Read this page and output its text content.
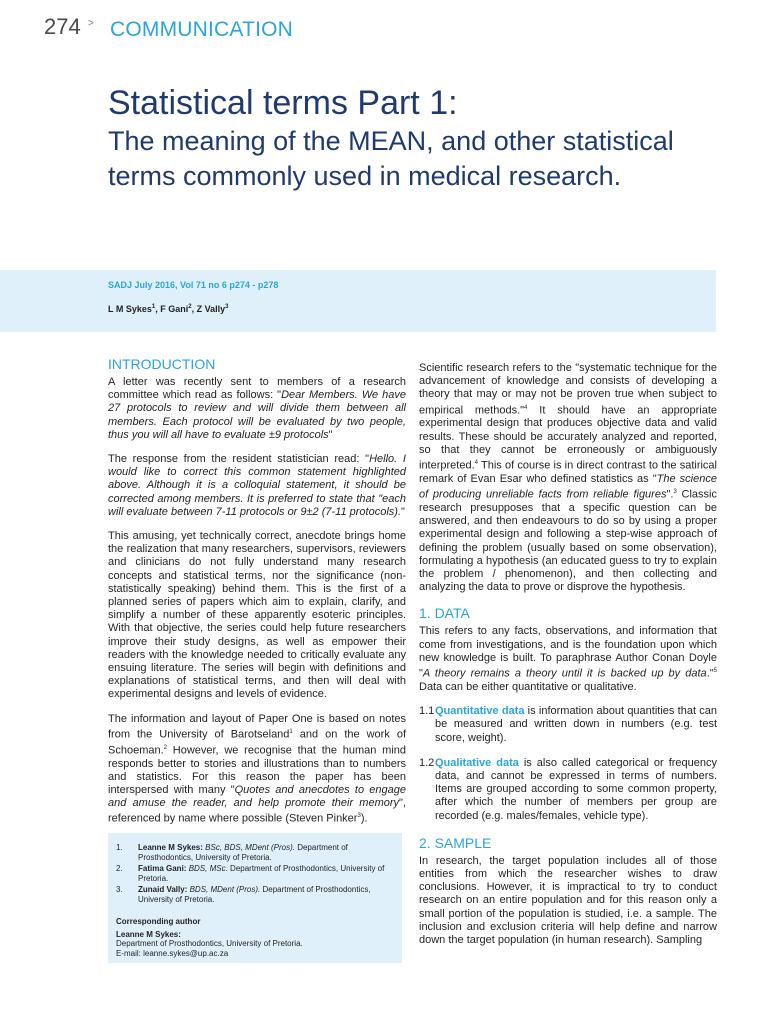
274 > COMMUNICATION
Statistical terms Part 1:
The meaning of the MEAN, and other statistical terms commonly used in medical research.
SADJ July 2016, Vol 71 no 6 p274 - p278
L M Sykes$^1$, F Gani$^2$, Z Vally$^3$
INTRODUCTION

A letter was recently sent to members of a research committee which read as follows: "Dear Members. We have 27 protocols to review and will divide them between all members. Each protocol will be evaluated by two people, thus you will all have to evaluate ±9 protocols"

The response from the resident statistician read: "Hello. I would like to correct this common statement highlighted above. Although it is a colloquial statement, it should be corrected among members. It is preferred to state that "each will evaluate between 7-11 protocols or 9±2 (7-11 protocols)."

This amusing, yet technically correct, anecdote brings home the realization that many researchers, supervisors, reviewers and clinicians do not fully understand many research concepts and statistical terms, nor the significance (non-statistically speaking) behind them. This is the first of a planned series of papers which aim to explain, clarify, and simplify a number of these apparently esoteric principles. With that objective, the series could help future researchers improve their study designs, as well as empower their readers with the knowledge needed to critically evaluate any ensuing literature. The series will begin with definitions and explanations of statistical terms, and then will deal with experimental designs and levels of evidence.

The information and layout of Paper One is based on notes from the University of Barotseland$^1$ and on the work of Schoeman.$^2$ However, we recognise that the human mind responds better to stories and illustrations than to numbers and statistics. For this reason the paper has been interspersed with many "Quotes and anecdotes to engage and amuse the reader, and help promote their memory", referenced by name where possible (Steven Pinker$^3$).

1.	Leanne M Sykes: BSc, BDS, MDent (Pros). Department of Prosthodontics, University of Pretoria.
2.	Fatima Gani: BDS, MSc. Department of Prosthodontics, University of Pretoria.
3.	Zunaid Vally: BDS, MDent (Pros). Department of Prosthodontics, University of Pretoria.
Corresponding author
Leanne M Sykes:
Department of Prosthodontics, University of Pretoria.
E-mail: leanne.sykes@up.ac.za

Scientific research refers to the "systematic technique for the advancement of knowledge and consists of developing a theory that may or may not be proven true when subject to empirical methods."$^4$ It should have an appropriate experimental design that produces objective data and valid results. These should be accurately analyzed and reported, so that they cannot be erroneously or ambiguously interpreted.$^4$ This of course is in direct contrast to the satirical remark of Evan Esar who defined statistics as "The science of producing unreliable facts from reliable figures".$^3$ Classic research presupposes that a specific question can be answered, and then endeavours to do so by using a proper experimental design and following a step-wise approach of defining the problem (usually based on some observation), formulating a hypothesis (an educated guess to try to explain the problem / phenomenon), and then collecting and analyzing the data to prove or disprove the hypothesis.

1. DATA

This refers to any facts, observations, and information that come from investigations, and is the foundation upon which new knowledge is built. To paraphrase Author Conan Doyle "A theory remains a theory until it is backed up by data."$^5$ Data can be either quantitative or qualitative.

1.1 Quantitative data is information about quantities that can be measured and written down in numbers (e.g. test score, weight).
1.2 Qualitative data is also called categorical or frequency data, and cannot be expressed in terms of numbers. Items are grouped according to some common property, after which the number of members per group are recorded (e.g. males/females, vehicle type).
2. SAMPLE

In research, the target population includes all of those entities from which the researcher wishes to draw conclusions. However, it is impractical to try to conduct research on an entire population and for this reason only a small portion of the population is studied, i.e. a sample. The inclusion and exclusion criteria will help define and narrow down the target population (in human research). Sampling
